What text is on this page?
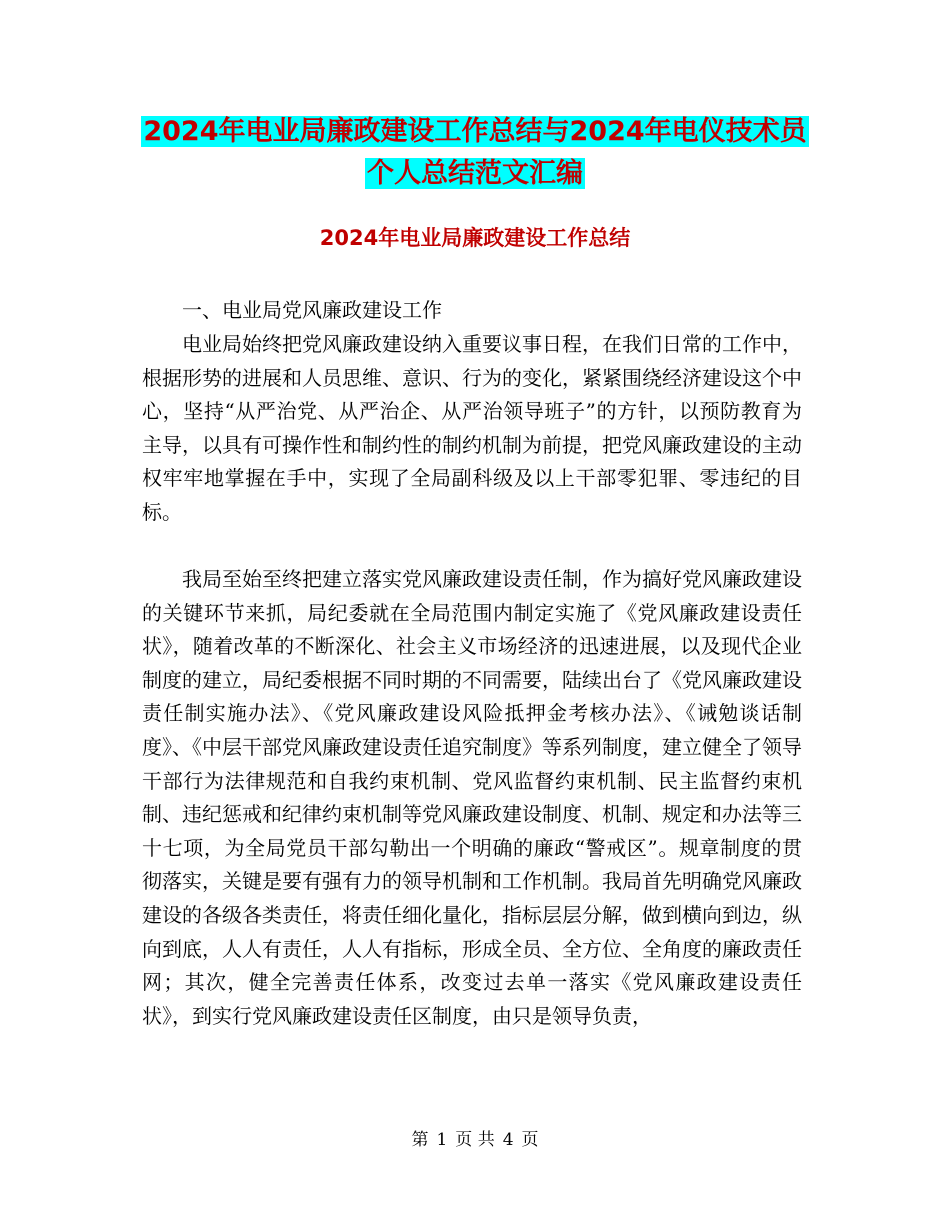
2024年电业局廉政建设工作总结与2024年电仪技术员
个人总结范文汇编
2024年电业局廉政建设工作总结

一、电业局党风廉政建设工作

电业局始终把党风廉政建设纳入重要议事日程，在我们日常的工作中，根据形势的进展和人员思维、意识、行为的变化，紧紧围绕经济建设这个中心，坚持“从严治党、从严治企、从严治领导班子”的方针，以预防教育为主导，以具有可操作性和制约性的制约机制为前提，把党风廉政建设的主动权牢牢地掌握在手中，实现了全局副科级及以上干部零犯罪、零违纪的目标。

我局至始至终把建立落实党风廉政建设责任制，作为搞好党风廉政建设的关键环节来抓，局纪委就在全局范围内制定实施了《党风廉政建设责任状》，随着改革的不断深化、社会主义市场经济的迅速进展，以及现代企业制度的建立，局纪委根据不同时期的不同需要，陆续出台了《党风廉政建设责任制实施办法》、《党风廉政建设风险抵押金考核办法》、《诫勉谈话制度》、《中层干部党风廉政建设责任追究制度》等系列制度，建立健全了领导干部行为法律规范和自我约束机制、党风监督约束机制、民主监督约束机制、违纪惩戒和纪律约束机制等党风廉政建设制度、机制、规定和办法等三十七项，为全局党员干部勾勒出一个明确的廉政“警戒区”。规章制度的贯彻落实，关键是要有强有力的领导机制和工作机制。我局首先明确党风廉政建设的各级各类责任，将责任细化量化，指标层层分解，做到横向到边，纵向到底，人人有责任，人人有指标，形成全员、全方位、全角度的廉政责任网；其次，健全完善责任体系，改变过去单一落实《党风廉政建设责任状》，到实行党风廉政建设责任区制度，由只是领导负责，

第 1 页 共 4 页
